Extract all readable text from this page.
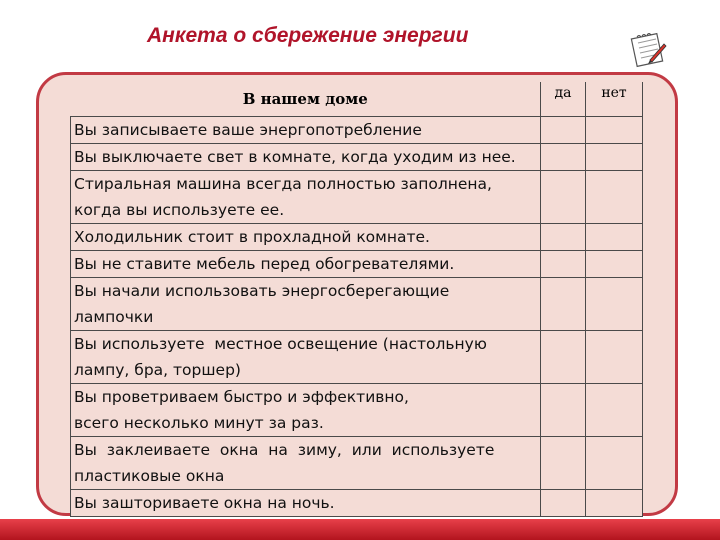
Анкета о сбережение энергии
В нашем доме	да	нет

Вы записываете ваше энергопотребление		

Вы выключаете свет в комнате, когда уходим из нее.		

Стиральная машина всегда полностью заполнена,
когда вы используете ее.		

Холодильник стоит в прохладной комнате.		

Вы не ставите мебель перед обогревателями.		

Вы начали использовать энергосберегающие
лампочки		

Вы используете  местное освещение (настольную
лампу, бра, торшер)		

Вы проветриваем быстро и эффективно,
всего несколько минут за раз.		

Вы  заклеиваете  окна  на  зиму,  или  используете
пластиковые окна		

Вы зашториваете окна на ночь.		
